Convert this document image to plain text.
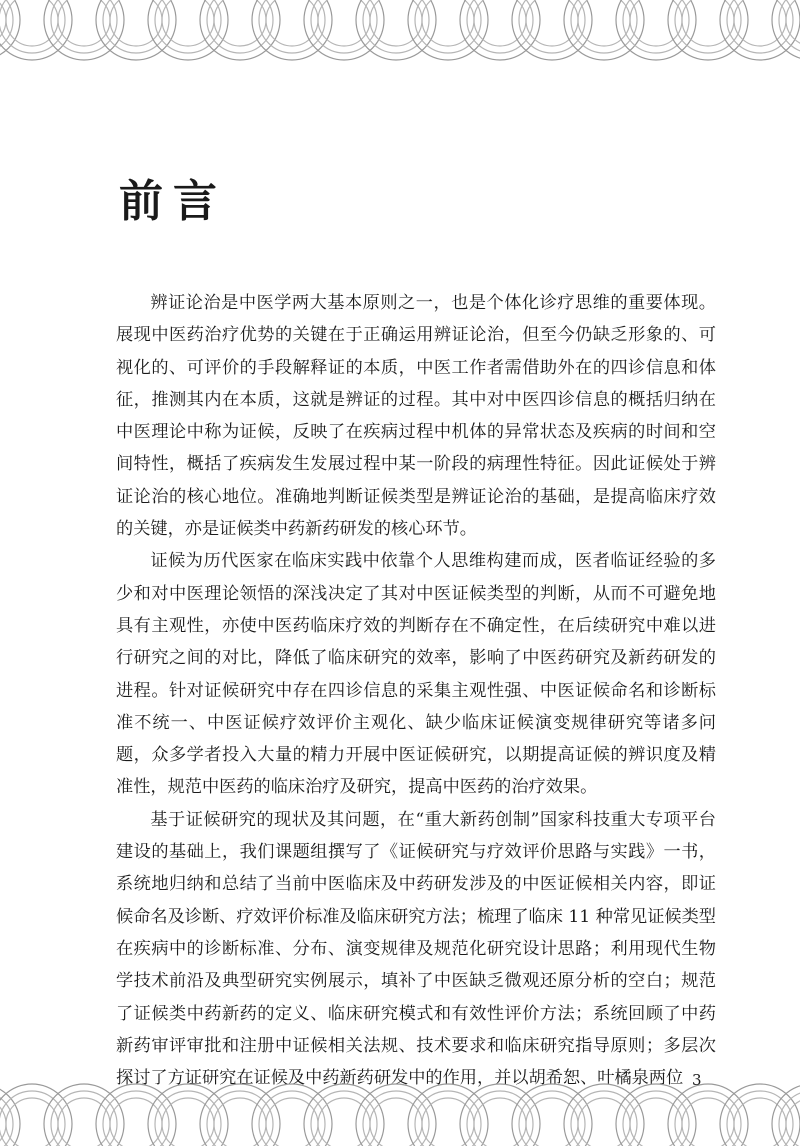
前言

辨证论治是中医学两大基本原则之一，也是个体化诊疗思维的重要体现。展现中医药治疗优势的关键在于正确运用辨证论治，但至今仍缺乏形象的、可视化的、可评价的手段解释证的本质，中医工作者需借助外在的四诊信息和体征，推测其内在本质，这就是辨证的过程。其中对中医四诊信息的概括归纳在中医理论中称为证候，反映了在疾病过程中机体的异常状态及疾病的时间和空间特性，概括了疾病发生发展过程中某一阶段的病理性特征。因此证候处于辨证论治的核心地位。准确地判断证候类型是辨证论治的基础，是提高临床疗效的关键，亦是证候类中药新药研发的核心环节。

证候为历代医家在临床实践中依靠个人思维构建而成，医者临证经验的多少和对中医理论领悟的深浅决定了其对中医证候类型的判断，从而不可避免地具有主观性，亦使中医药临床疗效的判断存在不确定性，在后续研究中难以进行研究之间的对比，降低了临床研究的效率，影响了中医药研究及新药研发的进程。针对证候研究中存在四诊信息的采集主观性强、中医证候命名和诊断标准不统一、中医证候疗效评价主观化、缺少临床证候演变规律研究等诸多问题，众多学者投入大量的精力开展中医证候研究，以期提高证候的辨识度及精准性，规范中医药的临床治疗及研究，提高中医药的治疗效果。

基于证候研究的现状及其问题，在“重大新药创制”国家科技重大专项平台建设的基础上，我们课题组撰写了《证候研究与疗效评价思路与实践》一书，系统地归纳和总结了当前中医临床及中药研发涉及的中医证候相关内容，即证候命名及诊断、疗效评价标准及临床研究方法；梳理了临床 11 种常见证候类型在疾病中的诊断标准、分布、演变规律及规范化研究设计思路；利用现代生物学技术前沿及典型研究实例展示，填补了中医缺乏微观还原分析的空白；规范了证候类中药新药的定义、临床研究模式和有效性评价方法；系统回顾了中药新药审评审批和注册中证候相关法规、技术要求和临床研究指导原则；多层次探讨了方证研究在证候及中药新药研发中的作用，并以胡希恕、叶橘泉两位 3
